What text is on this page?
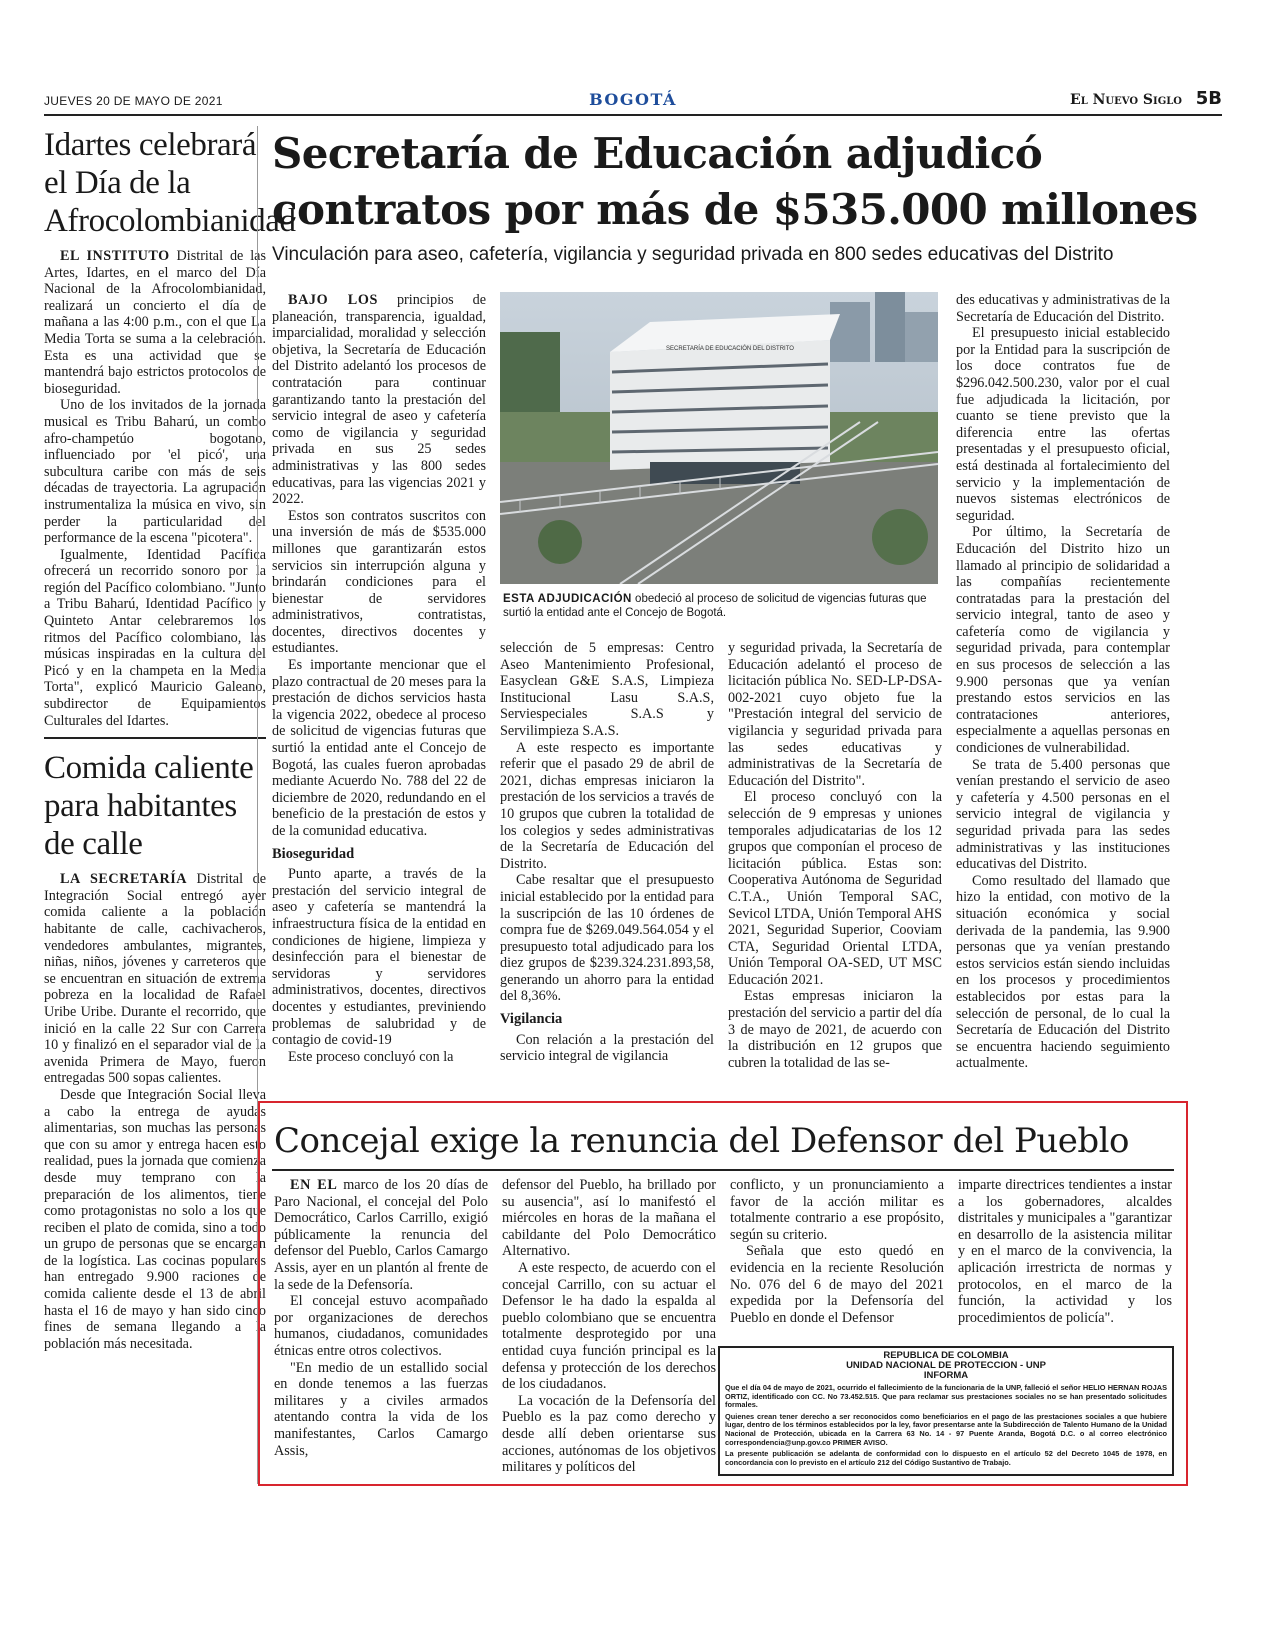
JUEVES 20 DE MAYO DE 2021	BOGOTÁ	El Nuevo Siglo 5B
Idartes celebrará el Día de la Afrocolombianidad

EL INSTITUTO Distrital de las Artes, Idartes, en el marco del Día Nacional de la Afrocolombianidad, realizará un concierto el día de mañana a las 4:00 p.m., con el que La Media Torta se suma a la celebración. Esta es una actividad que se mantendrá bajo estrictos protocolos de bioseguridad.

Uno de los invitados de la jornada musical es Tribu Baharú, un combo afro-champetúo bogotano, influenciado por 'el picó', una subcultura caribe con más de seis décadas de trayectoria. La agrupación instrumentaliza la música en vivo, sin perder la particularidad del performance de la escena "picotera".

Igualmente, Identidad Pacífica ofrecerá un recorrido sonoro por la región del Pacífico colombiano. "Junto a Tribu Baharú, Identidad Pacífico y Quinteto Antar celebraremos los ritmos del Pacífico colombiano, las músicas inspiradas en la cultura del Picó y en la champeta en la Media Torta", explicó Mauricio Galeano, subdirector de Equipamientos Culturales del Idartes.

Comida caliente para habitantes de calle

LA SECRETARÍA Distrital de Integración Social entregó ayer comida caliente a la población habitante de calle, cachivacheros, vendedores ambulantes, migrantes, niñas, niños, jóvenes y carreteros que se encuentran en situación de extrema pobreza en la localidad de Rafael Uribe Uribe. Durante el recorrido, que inició en la calle 22 Sur con Carrera 10 y finalizó en el separador vial de la avenida Primera de Mayo, fueron entregadas 500 sopas calientes.

Desde que Integración Social lleva a cabo la entrega de ayudas alimentarias, son muchas las personas que con su amor y entrega hacen esto realidad, pues la jornada que comienza desde muy temprano con la preparación de los alimentos, tiene como protagonistas no solo a los que reciben el plato de comida, sino a todo un grupo de personas que se encargan de la logística. Las cocinas populares han entregado 9.900 raciones de comida caliente desde el 13 de abril hasta el 16 de mayo y han sido cinco fines de semana llegando a la población más necesitada.

Secretaría de Educación adjudicó
contratos por más de $535.000 millones
Vinculación para aseo, cafetería, vigilancia y seguridad privada en 800 sedes educativas del Distrito

BAJO LOS principios de planeación, transparencia, igualdad, imparcialidad, moralidad y selección objetiva, la Secretaría de Educación del Distrito adelantó los procesos de contratación para continuar garantizando tanto la prestación del servicio integral de aseo y cafetería como de vigilancia y seguridad privada en sus 25 sedes administrativas y las 800 sedes educativas, para las vigencias 2021 y 2022.

Estos son contratos suscritos con una inversión de más de $535.000 millones que garantizarán estos servicios sin interrupción alguna y brindarán condiciones para el bienestar de servidores administrativos, contratistas, docentes, directivos docentes y estudiantes.

Es importante mencionar que el plazo contractual de 20 meses para la prestación de dichos servicios hasta la vigencia 2022, obedece al proceso de solicitud de vigencias futuras que surtió la entidad ante el Concejo de Bogotá, las cuales fueron aprobadas mediante Acuerdo No. 788 del 22 de diciembre de 2020, redundando en el beneficio de la prestación de estos y de la comunidad educativa.

Bioseguridad

Punto aparte, a través de la prestación del servicio integral de aseo y cafetería se mantendrá la infraestructura física de la entidad en condiciones de higiene, limpieza y desinfección para el bienestar de servidoras y servidores administrativos, docentes, directivos docentes y estudiantes, previniendo problemas de salubridad y de contagio de covid-19

Este proceso concluyó con la

SECRETARÍA DE EDUCACIÓN DEL DISTRITO
ESTA ADJUDICACIÓN obedeció al proceso de solicitud de vigencias futuras que surtió la entidad ante el Concejo de Bogotá.

selección de 5 empresas: Centro Aseo Mantenimiento Profesional, Easyclean G&E S.A.S, Limpieza Institucional Lasu S.A.S, Serviespeciales S.A.S y Servilimpieza S.A.S.

A este respecto es importante referir que el pasado 29 de abril de 2021, dichas empresas iniciaron la prestación de los servicios a través de 10 grupos que cubren la totalidad de los colegios y sedes administrativas de la Secretaría de Educación del Distrito.

Cabe resaltar que el presupuesto inicial establecido por la entidad para la suscripción de las 10 órdenes de compra fue de $269.049.564.054 y el presupuesto total adjudicado para los diez grupos de $239.324.231.893,58, generando un ahorro para la entidad del 8,36%.

Vigilancia

Con relación a la prestación del servicio integral de vigilancia

y seguridad privada, la Secretaría de Educación adelantó el proceso de licitación pública No. SED-LP-DSA-002-2021 cuyo objeto fue la "Prestación integral del servicio de vigilancia y seguridad privada para las sedes educativas y administrativas de la Secretaría de Educación del Distrito".

El proceso concluyó con la selección de 9 empresas y uniones temporales adjudicatarias de los 12 grupos que componían el proceso de licitación pública. Estas son: Cooperativa Autónoma de Seguridad C.T.A., Unión Temporal SAC, Sevicol LTDA, Unión Temporal AHS 2021, Seguridad Superior, Cooviam CTA, Seguridad Oriental LTDA, Unión Temporal OA-SED, UT MSC Educación 2021.

Estas empresas iniciaron la prestación del servicio a partir del día 3 de mayo de 2021, de acuerdo con la distribución en 12 grupos que cubren la totalidad de las se-

des educativas y administrativas de la Secretaría de Educación del Distrito.

El presupuesto inicial establecido por la Entidad para la suscripción de los doce contratos fue de $296.042.500.230, valor por el cual fue adjudicada la licitación, por cuanto se tiene previsto que la diferencia entre las ofertas presentadas y el presupuesto oficial, está destinada al fortalecimiento del servicio y la implementación de nuevos sistemas electrónicos de seguridad.

Por último, la Secretaría de Educación del Distrito hizo un llamado al principio de solidaridad a las compañías recientemente contratadas para la prestación del servicio integral, tanto de aseo y cafetería como de vigilancia y seguridad privada, para contemplar en sus procesos de selección a las 9.900 personas que ya venían prestando estos servicios en las contrataciones anteriores, especialmente a aquellas personas en condiciones de vulnerabilidad.

Se trata de 5.400 personas que venían prestando el servicio de aseo y cafetería y 4.500 personas en el servicio integral de vigilancia y seguridad privada para las sedes administrativas y las instituciones educativas del Distrito.

Como resultado del llamado que hizo la entidad, con motivo de la situación económica y social derivada de la pandemia, las 9.900 personas que ya venían prestando estos servicios están siendo incluidas en los procesos y procedimientos establecidos por estas para la selección de personal, de lo cual la Secretaría de Educación del Distrito se encuentra haciendo seguimiento actualmente.

Concejal exige la renuncia del Defensor del Pueblo

EN EL marco de los 20 días de Paro Nacional, el concejal del Polo Democrático, Carlos Carrillo, exigió públicamente la renuncia del defensor del Pueblo, Carlos Camargo Assis, ayer en un plantón al frente de la sede de la Defensoría.

El concejal estuvo acompañado por organizaciones de derechos humanos, ciudadanos, comunidades étnicas entre otros colectivos.

"En medio de un estallido social en donde tenemos a las fuerzas militares y a civiles armados atentando contra la vida de los manifestantes, Carlos Camargo Assis,

defensor del Pueblo, ha brillado por su ausencia", así lo manifestó el miércoles en horas de la mañana el cabildante del Polo Democrático Alternativo.

A este respecto, de acuerdo con el concejal Carrillo, con su actuar el Defensor le ha dado la espalda al pueblo colombiano que se encuentra totalmente desprotegido por una entidad cuya función principal es la defensa y protección de los derechos de los ciudadanos.

La vocación de la Defensoría del Pueblo es la paz como derecho y desde allí deben orientarse sus acciones, autónomas de los objetivos militares y políticos del

conflicto, y un pronunciamiento a favor de la acción militar es totalmente contrario a ese propósito, según su criterio.

Señala que esto quedó en evidencia en la reciente Resolución No. 076 del 6 de mayo del 2021 expedida por la Defensoría del Pueblo en donde el Defensor

imparte directrices tendientes a instar a los gobernadores, alcaldes distritales y municipales a "garantizar en desarrollo de la asistencia militar y en el marco de la convivencia, la aplicación irrestricta de normas y protocolos, en el marco de la función, la actividad y los procedimientos de policía".

REPUBLICA DE COLOMBIA
UNIDAD NACIONAL DE PROTECCION - UNP
INFORMA
Que el día 04 de mayo de 2021, ocurrido el fallecimiento de la funcionaria de la UNP, falleció el señor HELIO HERNAN ROJAS ORTIZ, identificado con CC. No 73.452.515. Que para reclamar sus prestaciones sociales no se han presentado solicitudes formales.
Quienes crean tener derecho a ser reconocidos como beneficiarios en el pago de las prestaciones sociales a que hubiere lugar, dentro de los términos establecidos por la ley, favor presentarse ante la Subdirección de Talento Humano de la Unidad Nacional de Protección, ubicada en la Carrera 63 No. 14 - 97 Puente Aranda, Bogotá D.C. o al correo electrónico correspondencia@unp.gov.co PRIMER AVISO.
La presente publicación se adelanta de conformidad con lo dispuesto en el artículo 52 del Decreto 1045 de 1978, en concordancia con lo previsto en el artículo 212 del Código Sustantivo de Trabajo.
